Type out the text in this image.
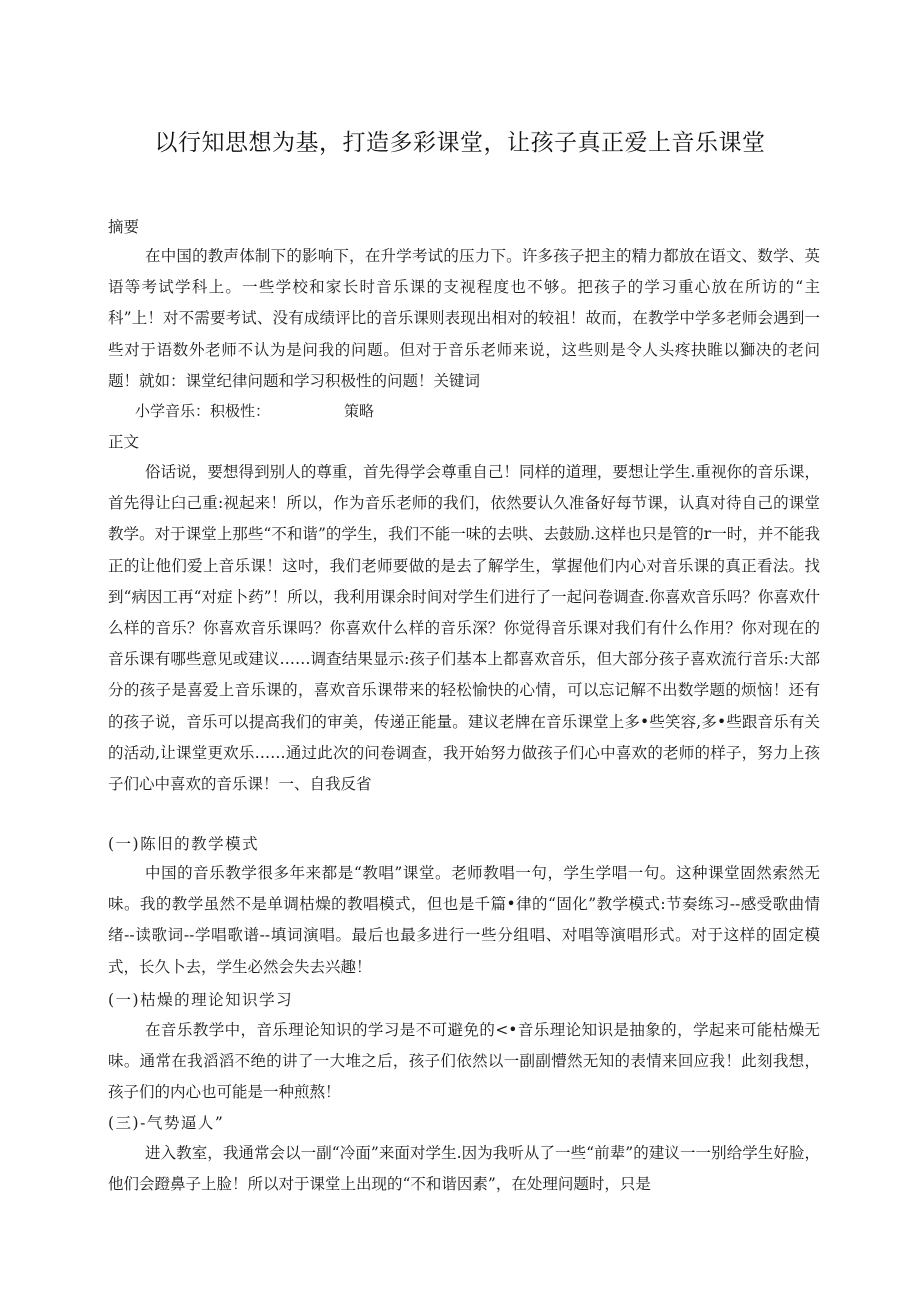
以行知思想为基，打造多彩课堂，让孩子真正爱上音乐课堂

摘要

在中国的教声体制下的影响下，在升学考试的压力下。许多孩子把主的精力都放在语文、数学、英语等考试学科上。一些学校和家长时音乐课的支视程度也不够。把孩子的学习重心放在所访的“主科”上！对不需要考试、没有成绩评比的音乐课则表现出相对的较祖！故而，在教学中学多老师会遇到一些对于语数外老师不认为是问我的问题。但对于音乐老师来说，这些则是令人头疼抉睢以獅决的老问题！就如：课堂纪律问题和学习积极性的问题！关键词

小学音乐：积极性：	策略

正文

俗话说，要想得到别人的尊重，首先得学会尊重自己！同样的道理，要想让学生.重视你的音乐课，首先得让臼己重:视起来！所以，作为音乐老师的我们，依然要认久准备好每节课，认真对待自己的课堂教学。对于课堂上那些“不和谐”的学生，我们不能一味的去哄、去鼓励.这样也只是管的r一时，并不能我正的让他们爱上音乐课！这吋，我们老师要做的是去了解学生，掌握他们内心对音乐课的真正看法。找到“病因工再“对症卜药”！所以，我利用课余时间对学生们进行了一起问卷调查.你喜欢音乐吗？你喜欢什么样的音乐？你喜欢音乐课吗？你喜欢什么样的音乐深？你觉得音乐课对我们有什么作用？你对现在的音乐课有哪些意见或建议……调查结果显示:孩子们基本上都喜欢音乐，但大部分孩子喜欢流行音乐:大部分的孩子是喜爱上音乐课的，喜欢音乐课带来的轻松愉快的心情，可以忘记解不出数学题的烦恼！还有的孩子说，音乐可以提高我们的审美，传递正能量。建议老牌在音乐课堂上多•些笑容,多•些跟音乐有关的活动,让课堂更欢乐……通过此次的问卷调查，我开始努力做孩子们心中喜欢的老师的样子，努力上孩子们心中喜欢的音乐课！一、自我反省

(一)陈旧的教学模式

中国的音乐教学很多年来都是“教唱”课堂。老师教唱一句，学生学唱一句。这种课堂固然索然无味。我的教学虽然不是单调枯燥的教唱模式，但也是千篇•律的“固化”教学模式:节奏练习--感受歌曲情绪--读歌词--学唱歌谱--填词演唱。最后也最多进行一些分组唱、对唱等演唱形式。对于这样的固定模式，长久卜去，学生必然会失去兴趣！

(一)枯燥的理论知识学习

在音乐教学中，音乐理论知识的学习是不可避免的<•音乐理论知识是抽象的，学起来可能枯燥无味。通常在我滔滔不绝的讲了一大堆之后，孩子们依然以一副副懵然无知的表情来回应我！此刻我想，孩子们的内心也可能是一种煎熬！

(三)-气势逼人”

进入教室，我通常会以一副“冷面”来面对学生.因为我听从了一些“前辈”的建议一一别给学生好脸，他们会蹬鼻子上脸！所以对于课堂上出现的“不和谐因素”，在处理问题时，只是
